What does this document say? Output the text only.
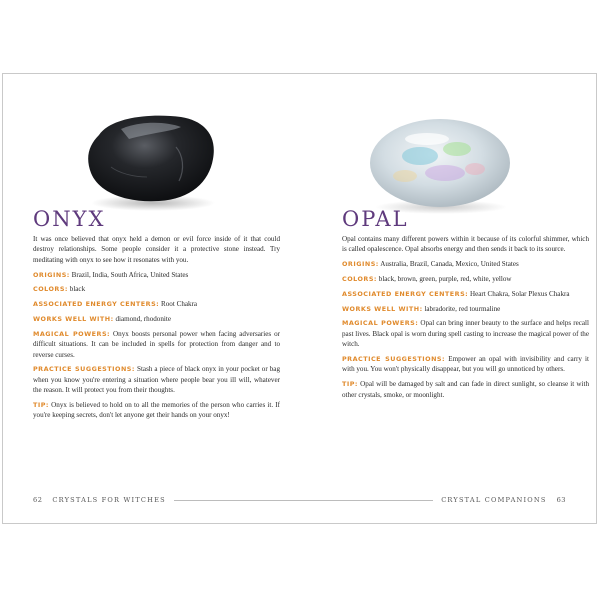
ONYX

It was once believed that onyx held a demon or evil force inside of it that could destroy relationships. Some people consider it a protective stone instead. Try meditating with onyx to see how it resonates with you.

ORIGINS: Brazil, India, South Africa, United States

COLORS: black

ASSOCIATED ENERGY CENTERS: Root Chakra

WORKS WELL WITH: diamond, rhodonite

MAGICAL POWERS: Onyx boosts personal power when facing adversaries or difficult situations. It can be included in spells for protection from danger and to reverse curses.

PRACTICE SUGGESTIONS: Stash a piece of black onyx in your pocket or bag when you know you're entering a situation where people bear you ill will, whatever the reason. It will protect you from their thoughts.

TIP: Onyx is believed to hold on to all the memories of the person who carries it. If you're keeping secrets, don't let anyone get their hands on your onyx!

62 CRYSTALS FOR WITCHES
OPAL

Opal contains many different powers within it because of its colorful shimmer, which is called opalescence. Opal absorbs energy and then sends it back to its source.

ORIGINS: Australia, Brazil, Canada, Mexico, United States

COLORS: black, brown, green, purple, red, white, yellow

ASSOCIATED ENERGY CENTERS: Heart Chakra, Solar Plexus Chakra

WORKS WELL WITH: labradorite, red tourmaline

MAGICAL POWERS: Opal can bring inner beauty to the surface and helps recall past lives. Black opal is worn during spell casting to increase the magical power of the witch.

PRACTICE SUGGESTIONS: Empower an opal with invisibility and carry it with you. You won't physically disappear, but you will go unnoticed by others.

TIP: Opal will be damaged by salt and can fade in direct sunlight, so cleanse it with other crystals, smoke, or moonlight.

CRYSTAL COMPANIONS 63
